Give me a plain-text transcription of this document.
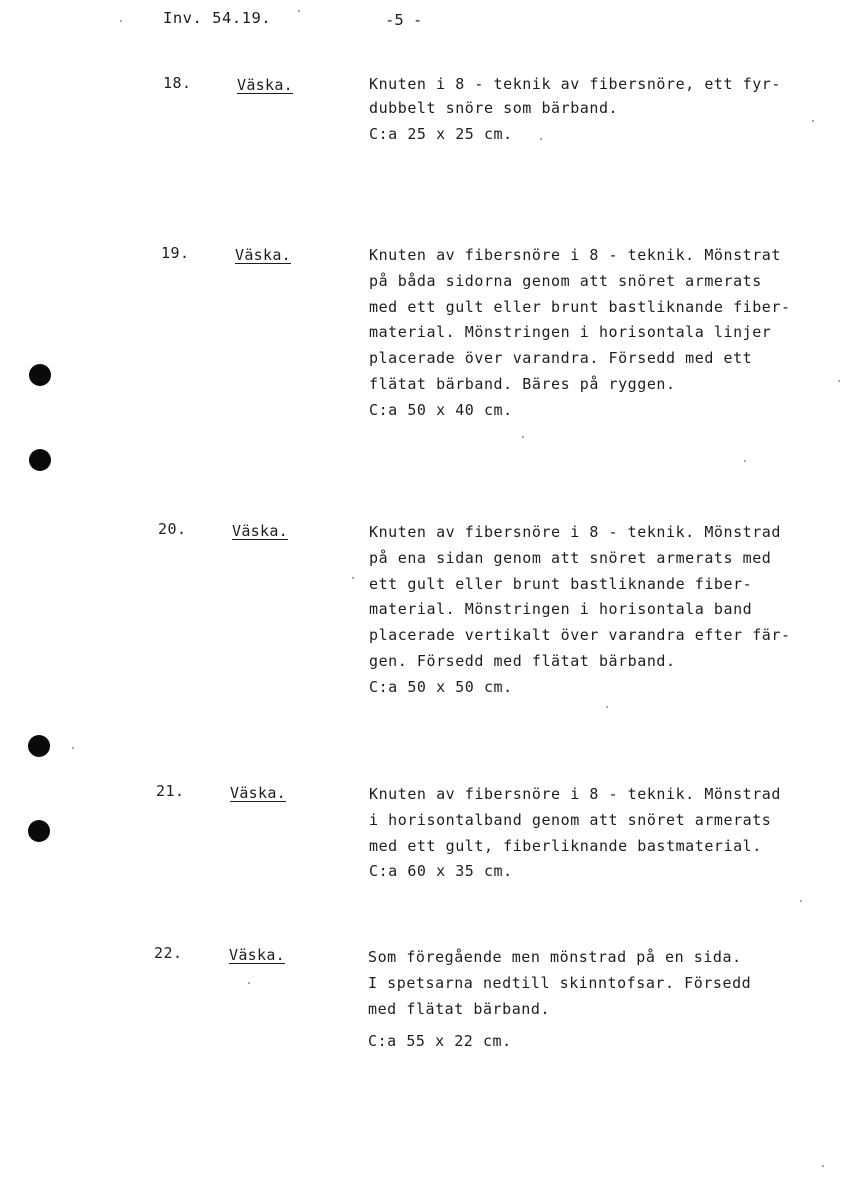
Inv. 54.19.	-5 -
18.	Väska.	Knuten i 8 - teknik av fibersnöre, ett fyr-
dubbelt snöre som bärband.
C:a 25 x 25 cm.
19.	Väska.	Knuten av fibersnöre i 8 - teknik. Mönstrat
på båda sidorna genom att snöret armerats
med ett gult eller brunt bastliknande fiber-
material. Mönstringen i horisontala linjer
placerade över varandra. Försedd med ett
flätat bärband. Bäres på ryggen.
C:a 50 x 40 cm.
20.	Väska.	Knuten av fibersnöre i 8 - teknik. Mönstrad
på ena sidan genom att snöret armerats med
ett gult eller brunt bastliknande fiber-
material. Mönstringen i horisontala band
placerade vertikalt över varandra efter fär-
gen. Försedd med flätat bärband.
C:a 50 x 50 cm.
21.	Väska.	Knuten av fibersnöre i 8 - teknik. Mönstrad
i horisontalband genom att snöret armerats
med ett gult, fiberliknande bastmaterial.
C:a 60 x 35 cm.
22.	Väska.	Som föregående men mönstrad på en sida.
I spetsarna nedtill skinntofsar. Försedd
med flätat bärband.
C:a 55 x 22 cm.
